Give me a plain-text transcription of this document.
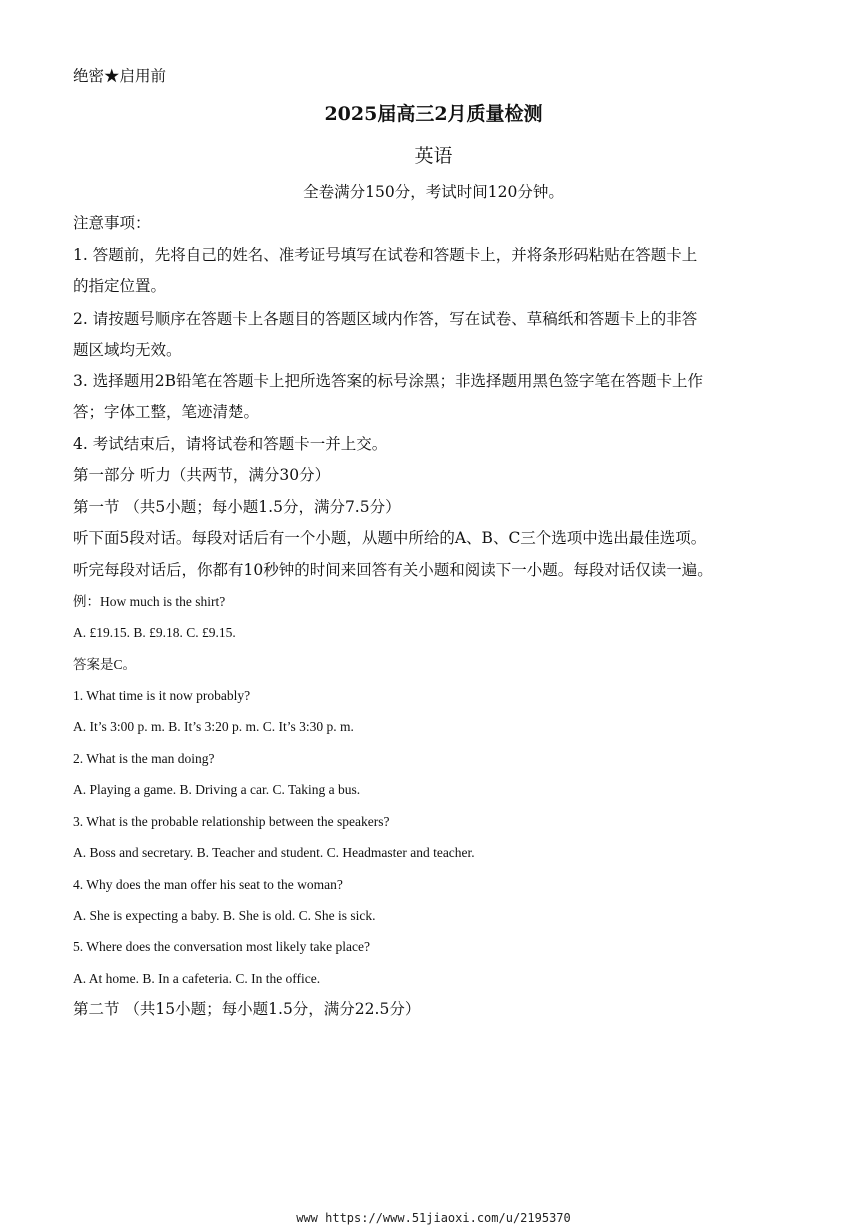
绝密★启用前
2025届高三2月质量检测
英语
全卷满分150分，考试时间120分钟。
注意事项：
1. 答题前，先将自己的姓名、准考证号填写在试卷和答题卡上，并将条形码粘贴在答题卡上
的指定位置。
2. 请按题号顺序在答题卡上各题目的答题区域内作答，写在试卷、草稿纸和答题卡上的非答
题区域均无效。
3. 选择题用2B铅笔在答题卡上把所选答案的标号涂黑；非选择题用黑色签字笔在答题卡上作
答；字体工整，笔迹清楚。
4. 考试结束后，请将试卷和答题卡一并上交。
第一部分 听力（共两节，满分30分）
第一节 （共5小题；每小题1.5分，满分7.5分）
听下面5段对话。每段对话后有一个小题，从题中所给的A、B、C三个选项中选出最佳选项。
听完每段对话后，你都有10秒钟的时间来回答有关小题和阅读下一小题。每段对话仅读一遍。
例：How much is the shirt?
A. £19.15. B. £9.18. C. £9.15.
答案是C。
1. What time is it now probably?
A. It’s 3:00 p. m. B. It’s 3:20 p. m. C. It’s 3:30 p. m.
2. What is the man doing?
A. Playing a game. B. Driving a car. C. Taking a bus.
3. What is the probable relationship between the speakers?
A. Boss and secretary. B. Teacher and student. C. Headmaster and teacher.
4. Why does the man offer his seat to the woman?
A. She is expecting a baby. B. She is old. C. She is sick.
5. Where does the conversation most likely take place?
A. At home. B. In a cafeteria. C. In the office.
第二节 （共15小题；每小题1.5分，满分22.5分）
www https://www.51jiaoxi.com/u/2195370
